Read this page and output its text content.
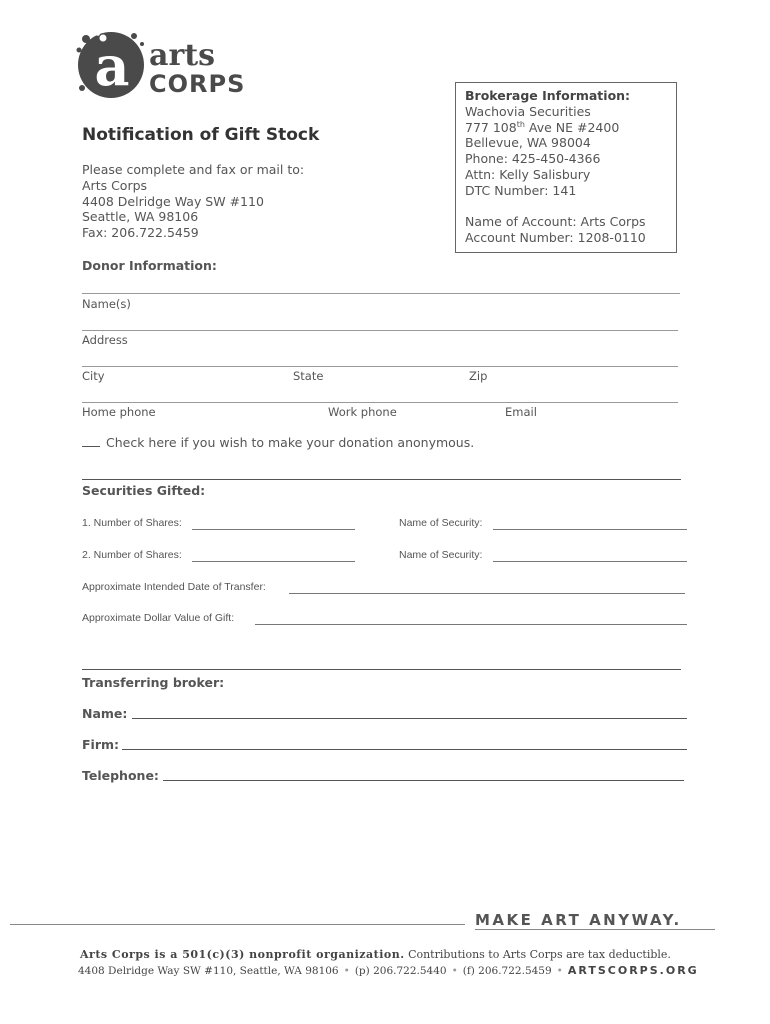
a arts
CORPS
Notification of Gift Stock
Please complete and fax or mail to:
Arts Corps
4408 Delridge Way SW #110
Seattle, WA 98106
Fax: 206.722.5459
Brokerage Information:
Wachovia Securities
777 108th Ave NE #2400
Bellevue, WA 98004
Phone: 425-450-4366
Attn: Kelly Salisbury
DTC Number: 141
Name of Account: Arts Corps
Account Number: 1208-0110
Donor Information:
Name(s)
Address
City	State	Zip
Home phone	Work phone	Email
Check here if you wish to make your donation anonymous.
Securities Gifted:
1. Number of Shares:	Name of Security:
2. Number of Shares:	Name of Security:
Approximate Intended Date of Transfer:
Approximate Dollar Value of Gift:
Transferring broker:
Name:
Firm:
Telephone:
MAKE ART ANYWAY.
Arts Corps is a 501(c)(3) nonprofit organization. Contributions to Arts Corps are tax deductible.
4408 Delridge Way SW #110, Seattle, WA 98106 • (p) 206.722.5440 • (f) 206.722.5459 • ARTSCORPS.ORG
